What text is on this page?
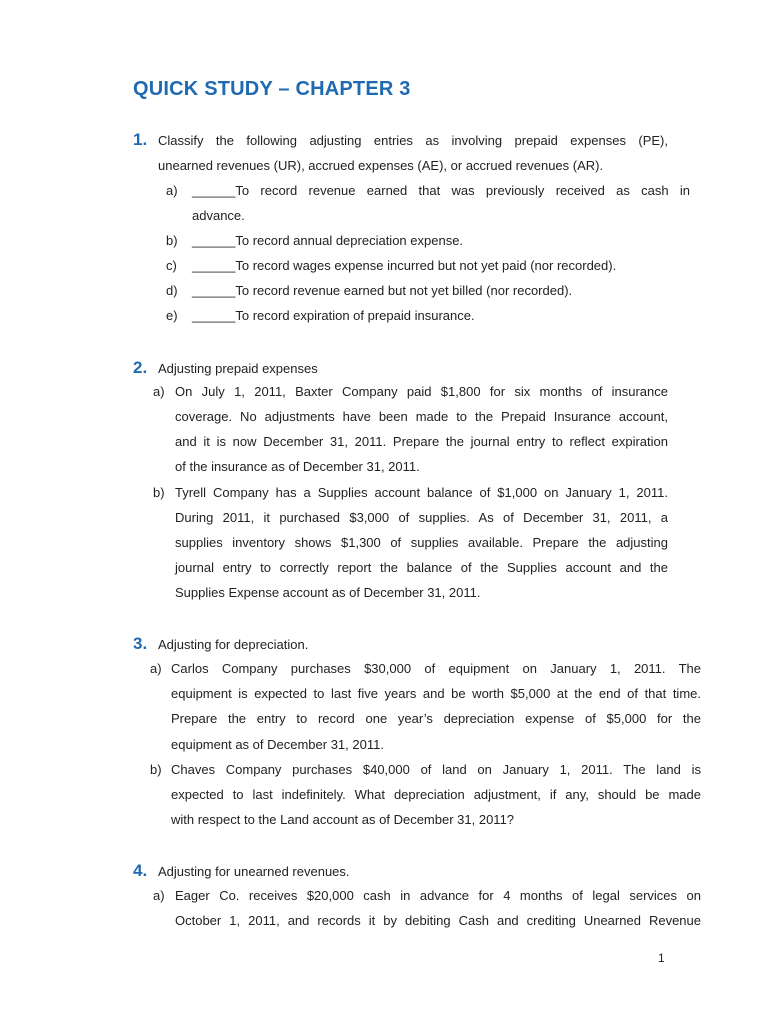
QUICK STUDY – CHAPTER 3
1. Classify the following adjusting entries as involving prepaid expenses (PE),
unearned revenues (UR), accrued expenses (AE), or accrued revenues (AR).
a) ______To record revenue earned that was previously received as cash in
advance.
b) ______To record annual depreciation expense.
c) ______To record wages expense incurred but not yet paid (nor recorded).
d) ______To record revenue earned but not yet billed (nor recorded).
e) ______To record expiration of prepaid insurance.
2. Adjusting prepaid expenses
a) On July 1, 2011, Baxter Company paid $1,800 for six months of insurance
coverage. No adjustments have been made to the Prepaid Insurance account,
and it is now December 31, 2011. Prepare the journal entry to reflect expiration
of the insurance as of December 31, 2011.
b) Tyrell Company has a Supplies account balance of $1,000 on January 1, 2011.
During 2011, it purchased $3,000 of supplies. As of December 31, 2011, a
supplies inventory shows $1,300 of supplies available. Prepare the adjusting
journal entry to correctly report the balance of the Supplies account and the
Supplies Expense account as of December 31, 2011.
3. Adjusting for depreciation.
a) Carlos Company purchases $30,000 of equipment on January 1, 2011. The
equipment is expected to last five years and be worth $5,000 at the end of that time.
Prepare the entry to record one year’s depreciation expense of $5,000 for the
equipment as of December 31, 2011.
b) Chaves Company purchases $40,000 of land on January 1, 2011. The land is
expected to last indefinitely. What depreciation adjustment, if any, should be made
with respect to the Land account as of December 31, 2011?
4. Adjusting for unearned revenues.
a) Eager Co. receives $20,000 cash in advance for 4 months of legal services on
October 1, 2011, and records it by debiting Cash and crediting Unearned Revenue
1
